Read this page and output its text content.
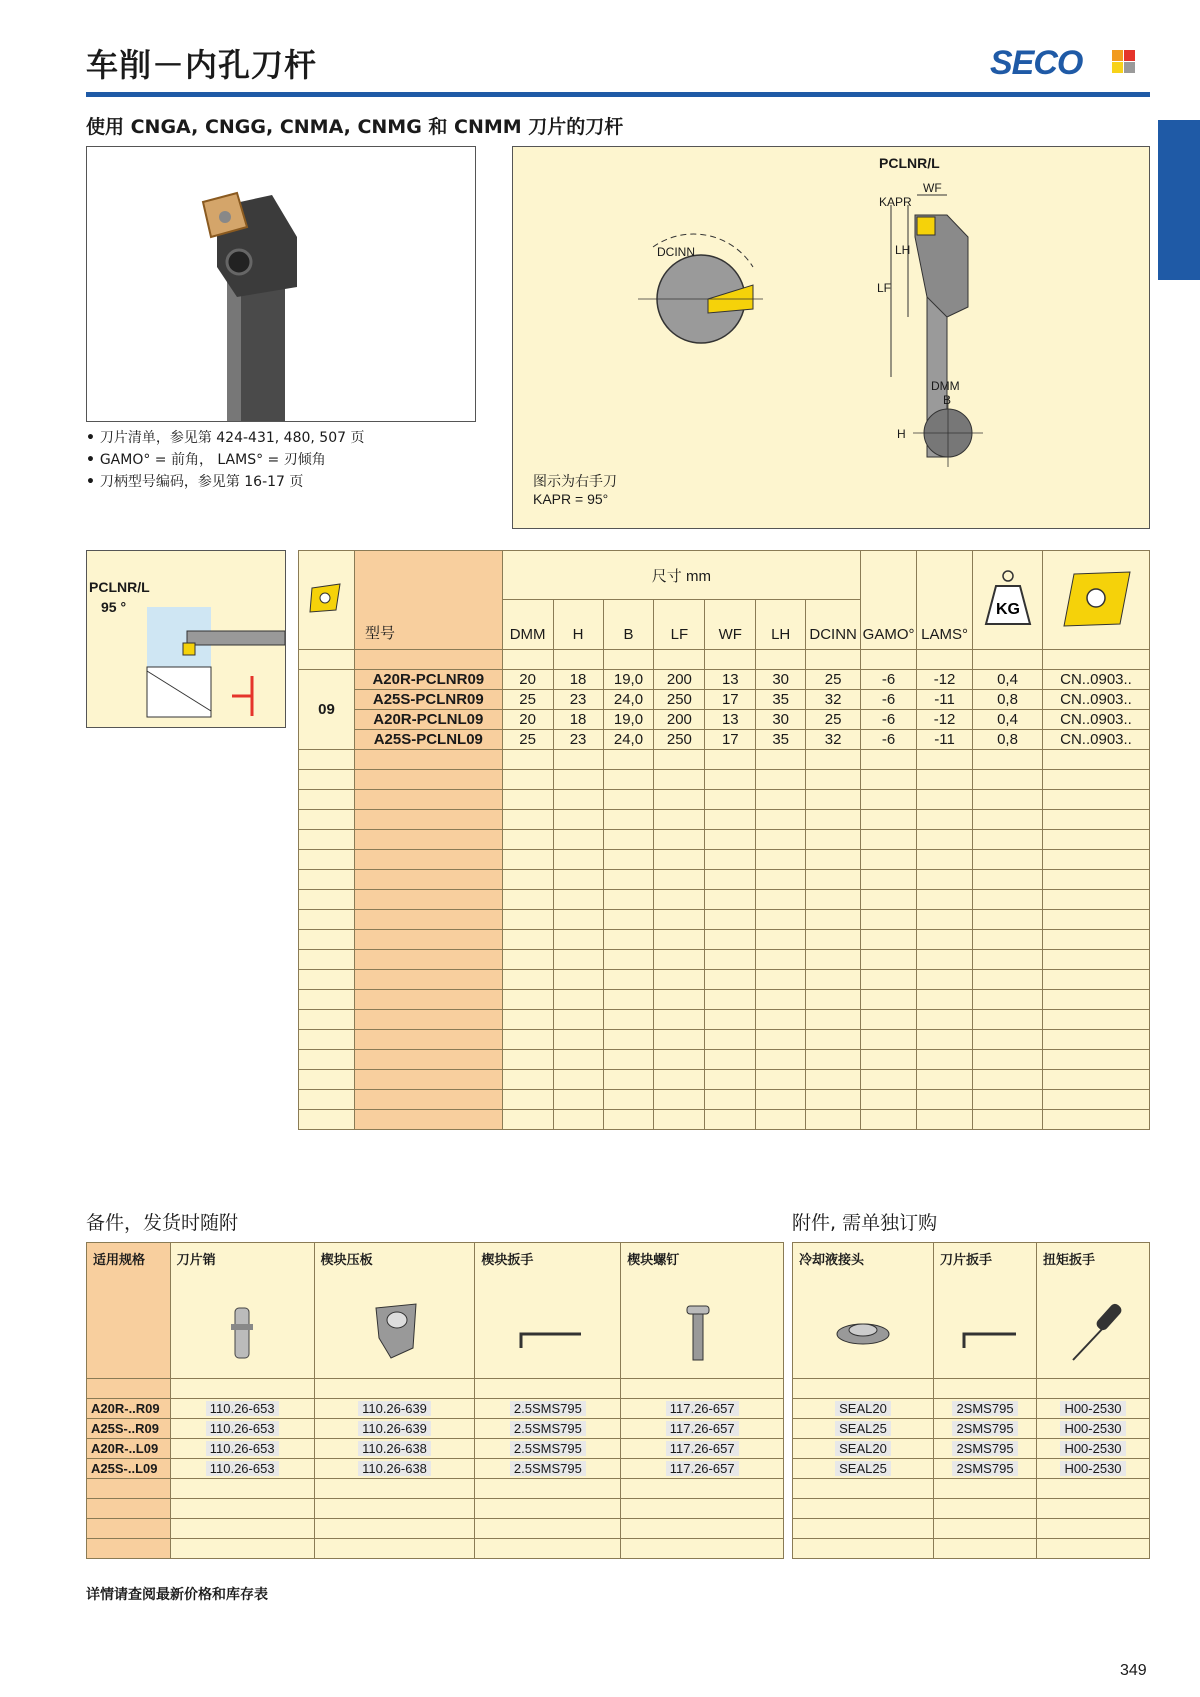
车削－内孔刀杆	SECO
使用 CNGA, CNGG, CNMA, CNMG 和 CNMM 刀片的刀杆
• 刀片清单，参见第 424-431, 480, 507 页
• GAMO° = 前角， LAMS° = 刃倾角
• 刀柄型号编码，参见第 16-17 页
PCLNR/L
WF
KAPR
LH
LF
DCINN
DMM
B
H
图示为右手刀
KAPR = 95°
PCLNR/L
95 °
	型号	尺寸 mm							GAMO°	LAMS°	KG

		DMM	H	B	LF	WF	LH	DCINN				

09	A20R-PCLNR09	20	18	19,0	200	13	30	25	-6	-12	0,4	CN..0903..
	A25S-PCLNR09	25	23	24,0	250	17	35	32	-6	-11	0,8	CN..0903..
	A20R-PCLNL09	20	18	19,0	200	13	30	25	-6	-12	0,4	CN..0903..
	A25S-PCLNL09	25	23	24,0	250	17	35	32	-6	-11	0,8	CN..0903..

备件，发货时随附	附件, 需单独订购
适用规格	刀片销	楔块压板	楔块扳手	楔块螺钉

A20R-..R09	110.26-653	110.26-639	2.5SMS795	117.26-657
A25S-..R09	110.26-653	110.26-639	2.5SMS795	117.26-657
A20R-..L09	110.26-653	110.26-638	2.5SMS795	117.26-657
A25S-..L09	110.26-653	110.26-638	2.5SMS795	117.26-657

冷却液接头	刀片扳手	扭矩扳手

SEAL20	2SMS795	H00-2530
SEAL25	2SMS795	H00-2530
SEAL20	2SMS795	H00-2530
SEAL25	2SMS795	H00-2530

详情请查阅最新价格和库存表
349
